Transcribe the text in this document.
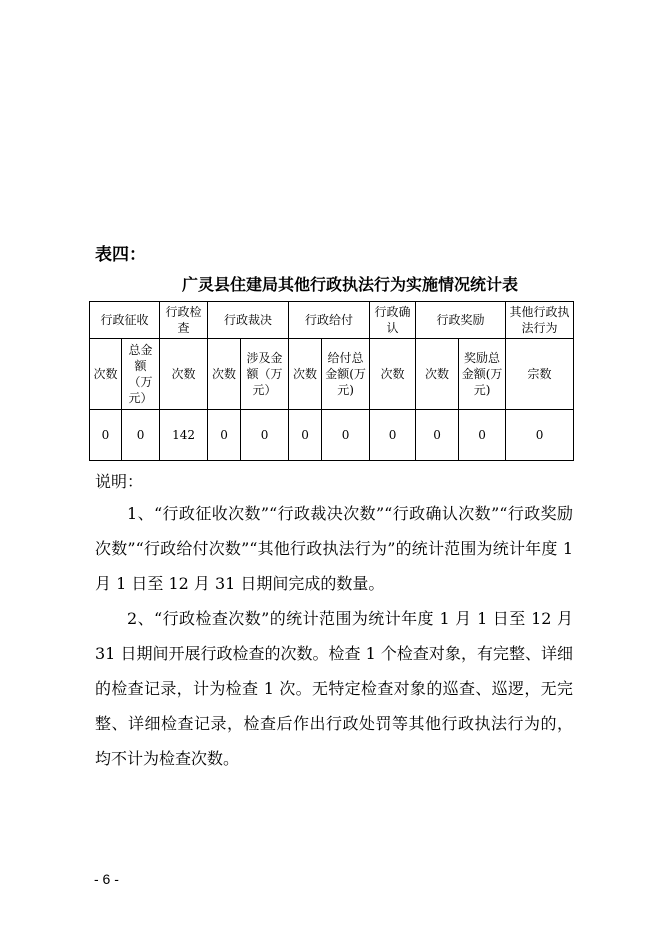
表四：
广灵县住建局其他行政执法行为实施情况统计表
行政征收		行政检查	行政裁决		行政给付		行政确认	行政奖励		其他行政执法行为
次数	总金额（万元）	次数	次数	涉及金额（万元）	次数	给付总金额(万元)	次数	次数	奖励总金额(万元)	宗数
0	0	142	0	0	0	0	0	0	0	0
说明：
1、“行政征收次数”“行政裁决次数”“行政确认次数”“行政奖励次数”“行政给付次数”“其他行政执法行为”的统计范围为统计年度 1 月 1 日至 12 月 31 日期间完成的数量。
2、“行政检查次数”的统计范围为统计年度 1 月 1 日至 12 月 31 日期间开展行政检查的次数。检查 1 个检查对象，有完整、详细的检查记录，计为检查 1 次。无特定检查对象的巡查、巡逻，无完整、详细检查记录，检查后作出行政处罚等其他行政执法行为的，均不计为检查次数。
- 6 -
